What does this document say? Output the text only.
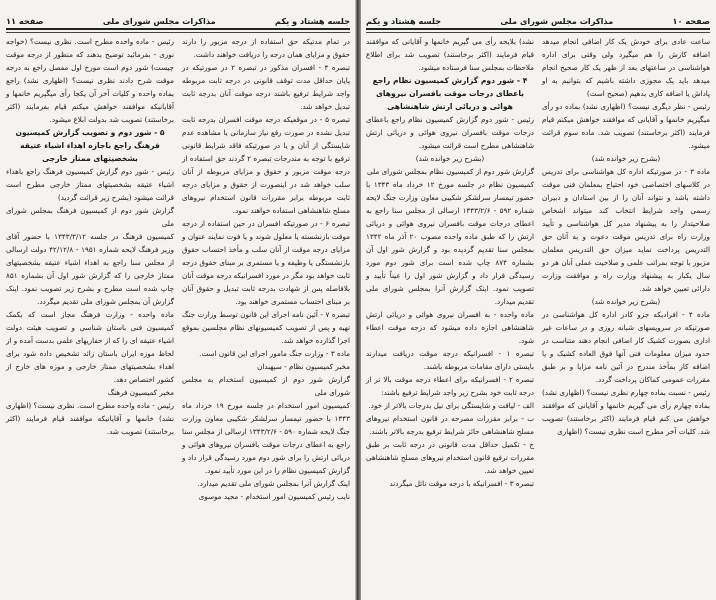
جلسه هشتاد و یکم
مذاکرات مجلس شورای ملی
صفحه ۱۱

در تمام مدتیکه حق استفاده از درجه مزبور را دارند حقوق و مزایای همان درجه را دریافت خواهند داشت.

تبصره ۴ - افسران مذکور در تبصره ۲ در صورتیکه در پایان حداقل مدت توقف قانونی در درجه ثابت مربوطه واجد شرایط ترفیع باشند درجه موقت آنان بدرجه ثابت تبدیل خواهد شد.

تبصره ۵ - در موقعیکه درجه موقت افسران بدرجه ثابت تبدیل نشده در صورت رفع نیاز سازمانی یا مشاهده عدم شایستگی از آنان و یا در صورتیکه فاقد شرایط قانونی ترفیع با توجه به مندرجات تبصره ۲ گردند حق استفاده از درجه موقت مزبور و حقوق و مزایای مربوطه از آنان سلب خواهد شد در اینصورت از حقوق و مزایای درجه ثابت مربوطه برابر مقررات قانون استخدام نیروهای مسلح شاهنشاهی استفاده خواهند نمود.

تبصره ۶ - در صورتیکه افسران در حین استفاده از درجه موقت بازنشسته یا معلول شوند و یا فوت نمایند عنوان و مزایای درجه موقت از آنان سلب و مأخذ احتساب حقوق بازنشستگی یا وظیفه و یا مستمری بر مبنای حقوق درجه ثابت خواهد بود مگر در مورد افسرانیکه درجه موقت آنان بلافاصله پس از شهادت بدرجه ثابت تبدیل و حقوق آنان بر مبنای احتساب مستمری خواهند بود.

تبصره ۷ - آئین نامه اجرای این قانون توسط وزارت جنگ تهیه و پس از تصویب کمیسیونهای نظام مجلسین بموقع اجرا گذارده خواهد شد.

ماده ۳ - وزارت جنگ مامور اجرای این قانون است.

مخبر کمیسیون نظام - سپهبدان

گزارش شور دوم از کمیسیون استخدام به مجلس شورای ملی

کمیسیون امور استخدام در جلسه مورخ ۱۹ خرداد ماه ۱۳۴۳ با حضور تیمسار سرلشکر شکیبی معاون وزارت جنگ لایحه شماره ۵۹۰ - ۱۳۴۳/۲/۶ ارسالی از مجلس سنا راجع به اعطای درجات موقت بافسران نیروهای هوائی و دریائی ارتش را برای شور دوم مورد رسیدگی قرار داد و گزارش کمیسیون نظام را در این مورد تأیید نمود.

اینک گزارش آنرا بمجلس شورای ملی تقدیم میدارد.

نایب رئیس کمیسیون امور استخدام - مجید موسوی

رئیس - ماده واحده مطرح است. نظری نیست؟ (خواجه نوری - بفرمائید توضیح بدهند که منظور از درجه موقت چیست) شور دوم است مورخ اول مفصل راجع به درجه موقت شرح دادند نظری نیست؟ (اظهاری نشد) راجع بماده واحده و کلیات آخر آن یکجا رأی میگیریم خانمها و آقایانیکه موافقند خواهش میکنم قیام بفرمایند (اکثر برخاستند) تصویب شد بدولت ابلاغ میشود.

۵ - شور دوم و تصویب گزارش کمیسیون فرهنگ راجع باجازه اهداء اشیاء عتیقه بشخصیتهای ممتاز خارجی

رئیس - شور دوم گزارش کمیسیون فرهنگ راجع باهداء اشیاء عتیقه بشخصیتهای ممتاز خارجی مطرح است قرائت میشود (بشرح زیر قرائت گردید)

گزارش شور دوم از کمیسیون فرهنگ بمجلس شورای ملی

کمیسیون فرهنگ در جلسه ۱۳۴۳/۳/۱۲ با حضور آقای وزیر فرهنگ لایحه شماره ۱۹۵۱ - ۴۲/۱۲/۸ دولت ارسالی از مجلس سنا راجع به اهداء اشیاء عتیقه بشخصیتهای ممتاز خارجی را که گزارش شور اول آن بشماره ۸۵۱ چاپ شده است مطرح و بشرح زیر تصویب نمود. اینک گزارش آن بمجلس شورای ملی تقدیم میگردد.

ماده واحده - وزارت فرهنگ مجاز است که بکمک کمیسیون فنی باستان شناسی و تصویب هیئت دولت اشیاء عتیقه ای را که از حفاریهای علمی بدست آمده و از لحاظ موزه ایران باستان زائد تشخیص داده شود برای اهداء بشخصیتهای ممتاز خارجی و موزه های خارج از کشور اختصاص دهد.

مخبر کمیسیون فرهنگ

رئیس - ماده واحده مطرح است. نظری نیست؟ (اظهاری نشد) خانمها و آقایانیکه موافقند قیام فرمایند (اکثر برخاستند) تصویب شد.

صفحه ۱۰
مذاکرات مجلس شورای ملی
جلسه هشتاد و یکم

ساعت عادی برای خودش یک کار اضافی انجام میدهد اضافه کارش را هم میگیرد ولی وقتی برای اداره هواشناسی در ساعتهای بعد از ظهر یک کار صحیح انجام میدهد باید یک مجوزی داشته باشیم که بتوانیم به او پاداش یا اضافه کاری بدهیم (صحیح است)

رئیس - نظر دیگری نیست؟ (اظهاری نشد) بماده دو رأی میگیریم خانمها و آقایانی که موافقند خواهش میکنم قیام فرمایند (اکثر برخاستند) تصویب شد. ماده سوم قرائت میشود.

(بشرح زیر خوانده شد)

ماده ۳ - در صورتیکه اداره کل هواشناسی برای تدریس در کلاسهای اختصاصی خود احتیاج بمعلمان فنی موقت داشته باشد و نتواند آنان را از بین استادان و دبیران رسمی واجد شرایط انتخاب کند میتواند اشخاص صلاحیتدار را به پیشنهاد مدیر کل هواشناسی و تأیید وزارت راه برای تدریس موقت دعوت و به آنان حق التدریس پرداخت نماید میزان حق التدریس معلمان مزبور با توجه بمراتب علمی و صلاحیت عملی آنان هر دو سال یکبار به پیشنهاد وزارت راه و موافقت وزارت دارائی تعیین خواهد شد.

(بشرح زیر خوانده شد)

ماده ۴ - افرادیکه جزو کادر اداره کل هواشناسی در صورتیکه در سرویسهای شبانه روزی و در ساعات غیر اداری بصورت کشیک کار اضافی انجام دهند متناسب در حدود میزان معلومات فنی آنها فوق العاده کشیک و یا اضافه کار بمأخذ مندرج در آئین نامه مزایا و بر طبق مقررات عمومی کماکان پرداخت گردد.

رئیس - نسبت بماده چهارم نظری نیست؟ (اظهاری نشد) بماده چهارم رأی می گیریم خانمها و آقایانی که موافقند خواهش می کنم قیام فرمایند (اکثر برخاستند) تصویب شد. کلیات آخر مطرح است نظری نیست؟ (اظهاری

نشد) بلایحه رأی می گیریم خانمها و آقایانی که موافقند قیام فرمایند (اکثر برخاستند) تصویب شد برای اطلاع ملاحظات بمجلس سنا فرستاده میشود.

۴ - شور دوم گزارش کمیسیون نظام راجع باعطای درجات موقت بافسران نیروهای هوائی و دریائی ارتش شاهنشاهی

رئیس - شور دوم گزارش کمیسیون نظام راجع باعطای درجات موقت بافسران نیروی هوائی و دریائی ارتش شاهنشاهی مطرح است قرائت میشود.

(بشرح زیر خوانده شد)

گزارش شور دوم از کمیسیون نظام بمجلس شورای ملی

کمیسیون نظام در جلسه مورخ ۱۲ خرداد ماه ۱۳۴۳ با حضور تیمسار سرلشکر شکیبی معاون وزارت جنگ لایحه شماره ۵۹۲ - ۱۳۴۳/۲/۶ ارسالی از مجلس سنا راجع به اعطای درجات موقت بافسران نیروی هوائی و دریائی ارتش را که طبق ماده واحده مصوب ۲۰ آذر ماه ۱۳۴۲ بمجلس سنا تقدیم گردیده بود و گزارش شور اول آن بشماره ۸۷۴ چاپ شده است برای شور دوم مورد رسیدگی قرار داد و گزارش شور اول را عیناً تأیید و تصویب نمود. اینک گزارش آنرا بمجلس شورای ملی تقدیم میدارد.

ماده واحده - به افسران نیروی هوائی و دریائی ارتش شاهنشاهی اجازه داده میشود که درجه موقت اعطاء شود.

تبصره ۱ - افسرانیکه درجه موقت دریافت میدارند بایستی دارای مقامات مربوطه باشند.

تبصره ۲ - افسرانیکه برای اعطاء درجه موقت بالا تر از درجه ثابت خود بشرح زیر واجد شرایط ترفیع باشند:

الف - لیاقت و شایستگی برای نیل بدرجات بالاتر از خود.

ب - برابر مقررات مصرحه در قانون استخدام نیروهای مسلح شاهنشاهی حائز شرایط ترفیع بدرجه بالاتر باشند.

ج - تکمیل حداقل مدت قانونی در درجه ثابت بر طبق مقررات ترفیع قانون استخدام نیروهای مسلح شاهنشاهی تعیین خواهد شد.

تبصره ۳ - افسرانیکه با درجه موقت نائل میگردند
